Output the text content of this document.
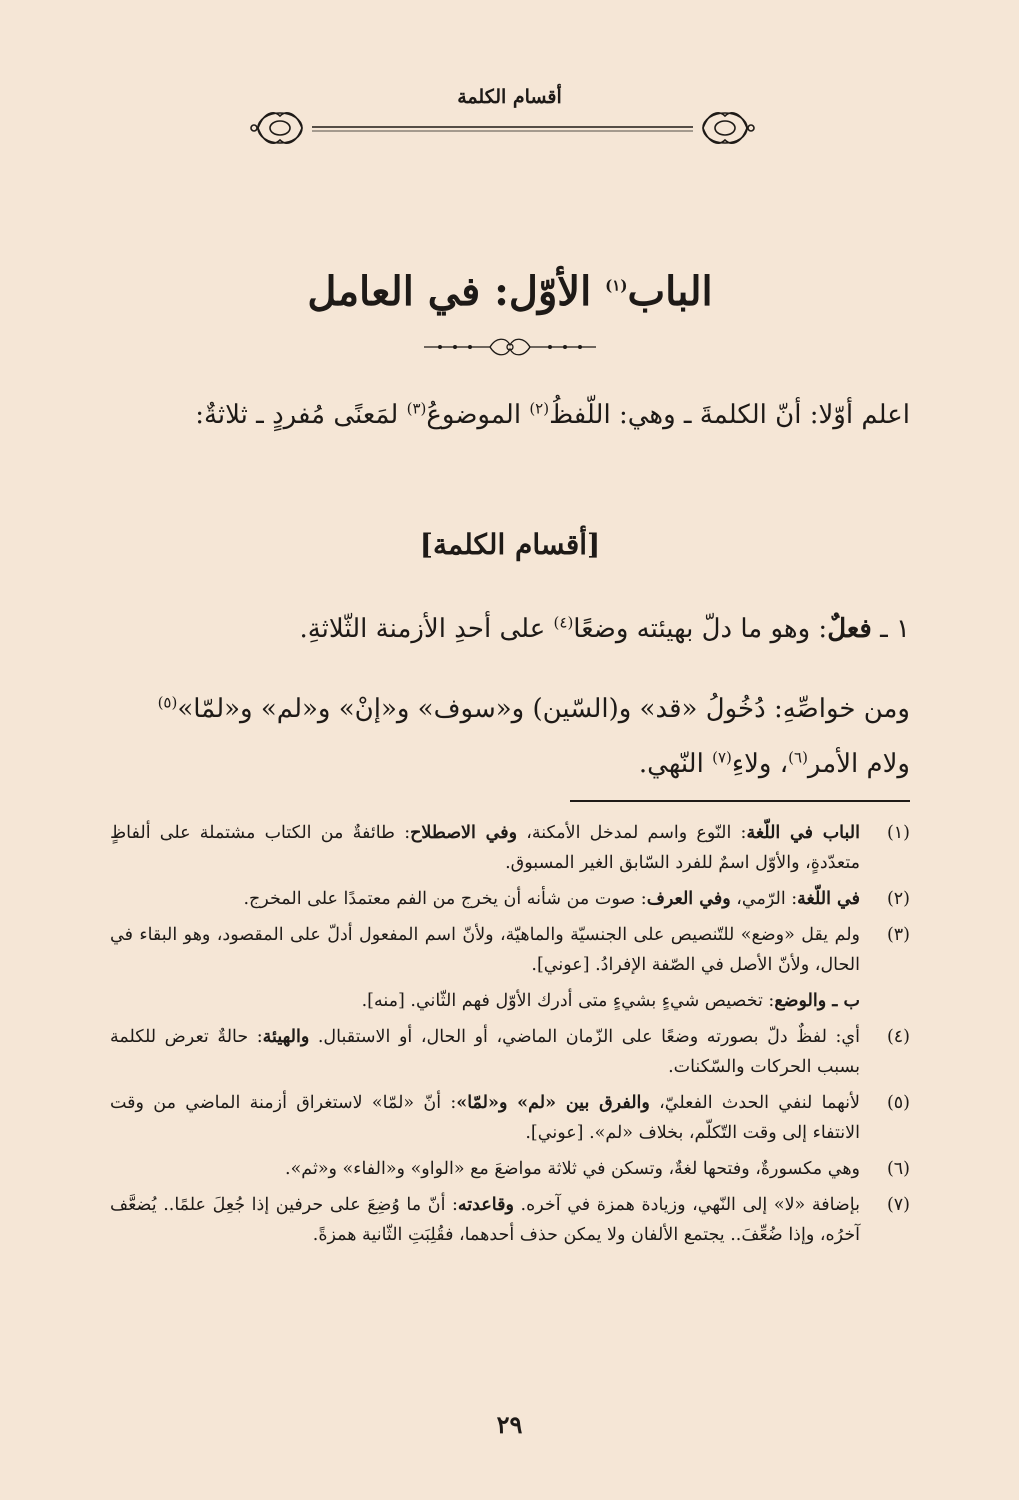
أقسام الكلمة
الباب$^{(١)}$ الأوّل: في العامل
اعلم أوّلا: أنّ الكلمةَ ـ وهي: اللّفظُ$^{(٢)}$ الموضوعُ$^{(٣)}$ لمَعنًى مُفردٍ ـ ثلاثةٌ:
[أقسام الكلمة]
١ ـ فعلٌ: وهو ما دلّ بهيئته وضعًا$^{(٤)}$ على أحدِ الأزمنة الثّلاثةِ.
ومن خواصِّهِ: دُخُولُ «قد» و(السّين) و«سوف» و«إنْ» و«لم» و«لمّا»$^{(٥)}$ ولام الأمر$^{(٦)}$، ولاءِ$^{(٧)}$ النّهي.
(١)
الباب في اللّغة: النّوع واسم لمدخل الأمكنة، وفي الاصطلاح: طائفةٌ من الكتاب مشتملة على ألفاظٍ متعدّدةٍ، والأوّل اسمٌ للفرد السّابق الغير المسبوق.
(٢)
في اللّغة: الرّمي، وفي العرف: صوت من شأنه أن يخرج من الفم معتمدًا على المخرج.
(٣)
ولم يقل «وضع» للتّنصيص على الجنسيّة والماهيّة، ولأنّ اسم المفعول أدلّ على المقصود، وهو البقاء في الحال، ولأنّ الأصل في الصّفة الإفرادُ. [عوني].
ب ـ والوضع: تخصيص شيءٍ بشيءٍ متى أدرك الأوّل فهم الثّاني. [منه].
(٤)
أي: لفظٌ دلّ بصورته وضعًا على الزّمان الماضي، أو الحال، أو الاستقبال. والهيئة: حالةٌ تعرض للكلمة بسبب الحركات والسّكنات.
(٥)
لأنهما لنفي الحدث الفعليّ، والفرق بين «لم» و«لمّا»: أنّ «لمّا» لاستغراق أزمنة الماضي من وقت الانتفاء إلى وقت التّكلّم، بخلاف «لم». [عوني].
(٦)
وهي مكسورةٌ، وفتحها لغةٌ، وتسكن في ثلاثة مواضعَ مع «الواو» و«الفاء» و«ثم».
(٧)
بإضافة «لا» إلى النّهي، وزيادة همزة في آخره. وقاعدته: أنّ ما وُضِعَ على حرفين إذا جُعِلَ علمًا.. يُضعَّف آخرُه، وإذا ضُعِّفَ.. يجتمع الألفان ولا يمكن حذف أحدهما، فقُلِبَتِ الثّانية همزةً.
٢٩
